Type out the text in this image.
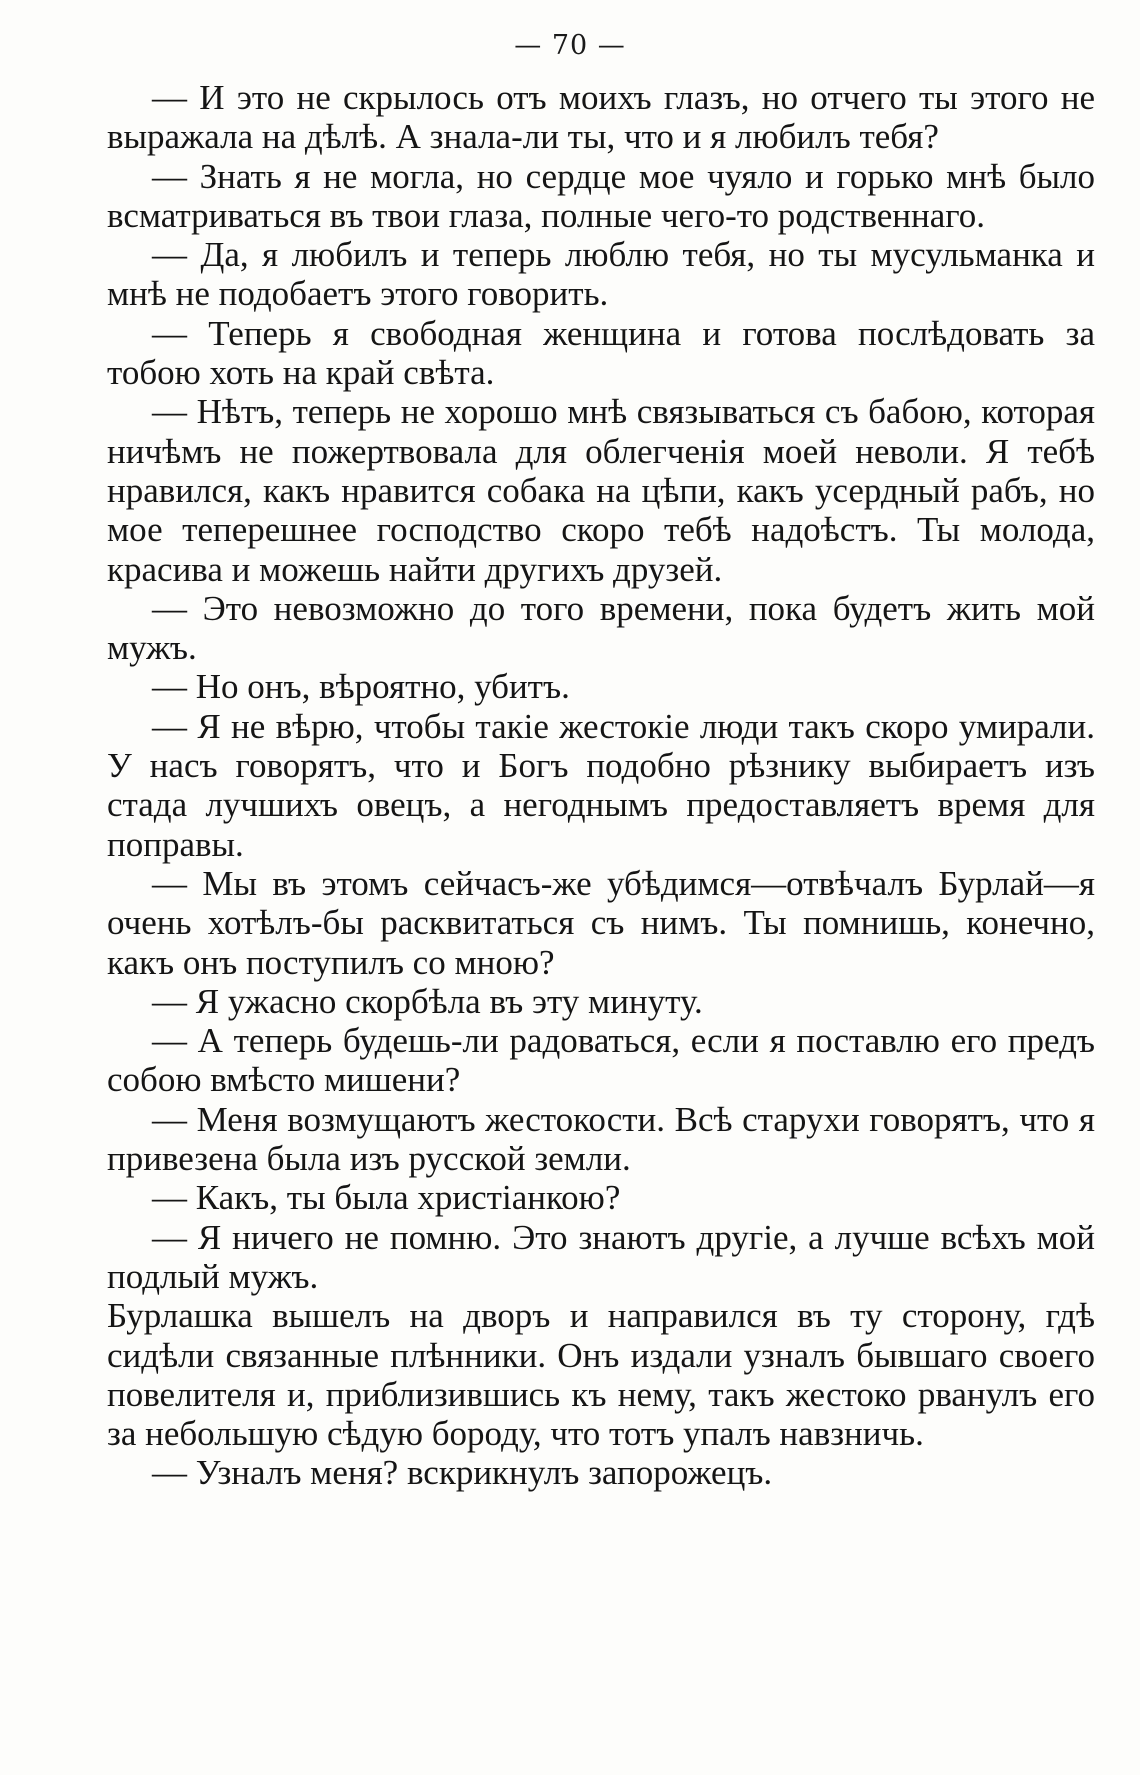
— 70 —

— И это не скрылось отъ моихъ глазъ, но отчего ты этого не выражала на дѣлѣ. А знала-ли ты, что и я любилъ тебя?

— Знать я не могла, но сердце мое чуяло и горько мнѣ было всматриваться въ твои глаза, полные чего-то родственнаго.

— Да, я любилъ и теперь люблю тебя, но ты мусульманка и мнѣ не подобаетъ этого говорить.

— Теперь я свободная женщина и готова послѣдовать за тобою хоть на край свѣта.

— Нѣтъ, теперь не хорошо мнѣ связываться съ бабою, которая ничѣмъ не пожертвовала для облегченія моей неволи. Я тебѣ нравился, какъ нравится собака на цѣпи, какъ усердный рабъ, но мое теперешнее господство скоро тебѣ надоѣстъ. Ты молода, красива и можешь найти другихъ друзей.

— Это невозможно до того времени, пока будетъ жить мой мужъ.

— Но онъ, вѣроятно, убитъ.

— Я не вѣрю, чтобы такіе жестокіе люди такъ скоро умирали. У насъ говорятъ, что и Богъ подобно рѣзнику выбираетъ изъ стада лучшихъ овецъ, а негоднымъ предоставляетъ время для поправы.

— Мы въ этомъ сейчасъ-же убѣдимся—отвѣчалъ Бурлай—я очень хотѣлъ-бы расквитаться съ нимъ. Ты помнишь, конечно, какъ онъ поступилъ со мною?

— Я ужасно скорбѣла въ эту минуту.

— А теперь будешь-ли радоваться, если я поставлю его предъ собою вмѣсто мишени?

— Меня возмущаютъ жестокости. Всѣ старухи говорятъ, что я привезена была изъ русской земли.

— Какъ, ты была христіанкою?

— Я ничего не помню. Это знаютъ другіе, а лучше всѣхъ мой подлый мужъ.

Бурлашка вышелъ на дворъ и направился въ ту сторону, гдѣ сидѣли связанные плѣнники. Онъ издали узналъ бывшаго своего повелителя и, приблизившись къ нему, такъ жестоко рванулъ его за небольшую сѣдую бороду, что тотъ упалъ навзничь.

— Узналъ меня? вскрикнулъ запорожецъ.
